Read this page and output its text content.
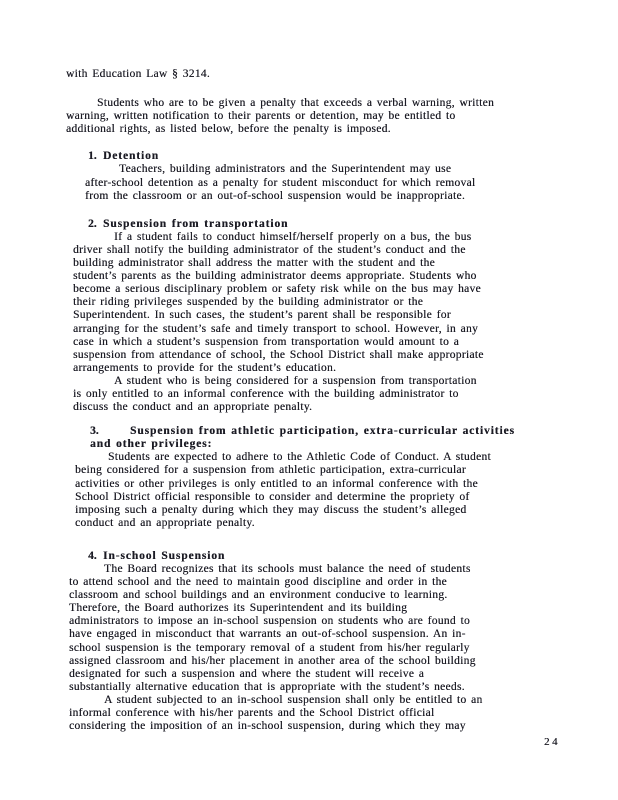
with Education Law § 3214.
Students who are to be given a penalty that exceeds a verbal warning, written
warning, written notification to their parents or detention, may be entitled to
additional rights, as listed below, before the penalty is imposed.
1. Detention
Teachers, building administrators and the Superintendent may use
after-school detention as a penalty for student misconduct for which removal
from the classroom or an out-of-school suspension would be inappropriate.
2. Suspension from transportation
If a student fails to conduct himself/herself properly on a bus, the bus
driver shall notify the building administrator of the student’s conduct and the
building administrator shall address the matter with the student and the
student’s parents as the building administrator deems appropriate. Students who
become a serious disciplinary problem or safety risk while on the bus may have
their riding privileges suspended by the building administrator or the
Superintendent. In such cases, the student’s parent shall be responsible for
arranging for the student’s safe and timely transport to school. However, in any
case in which a student’s suspension from transportation would amount to a
suspension from attendance of school, the School District shall make appropriate
arrangements to provide for the student’s education.
A student who is being considered for a suspension from transportation
is only entitled to an informal conference with the building administrator to
discuss the conduct and an appropriate penalty.
3.	Suspension from athletic participation, extra-curricular activities and other privileges:
Students are expected to adhere to the Athletic Code of Conduct. A student
being considered for a suspension from athletic participation, extra-curricular
activities or other privileges is only entitled to an informal conference with the
School District official responsible to consider and determine the propriety of
imposing such a penalty during which they may discuss the student’s alleged
conduct and an appropriate penalty.
4. In-school Suspension
The Board recognizes that its schools must balance the need of students
to attend school and the need to maintain good discipline and order in the
classroom and school buildings and an environment conducive to learning.
Therefore, the Board authorizes its Superintendent and its building
administrators to impose an in-school suspension on students who are found to
have engaged in misconduct that warrants an out-of-school suspension. An in-
school suspension is the temporary removal of a student from his/her regularly
assigned classroom and his/her placement in another area of the school building
designated for such a suspension and where the student will receive a
substantially alternative education that is appropriate with the student’s needs.
A student subjected to an in-school suspension shall only be entitled to an
informal conference with his/her parents and the School District official
considering the imposition of an in-school suspension, during which they may
24
